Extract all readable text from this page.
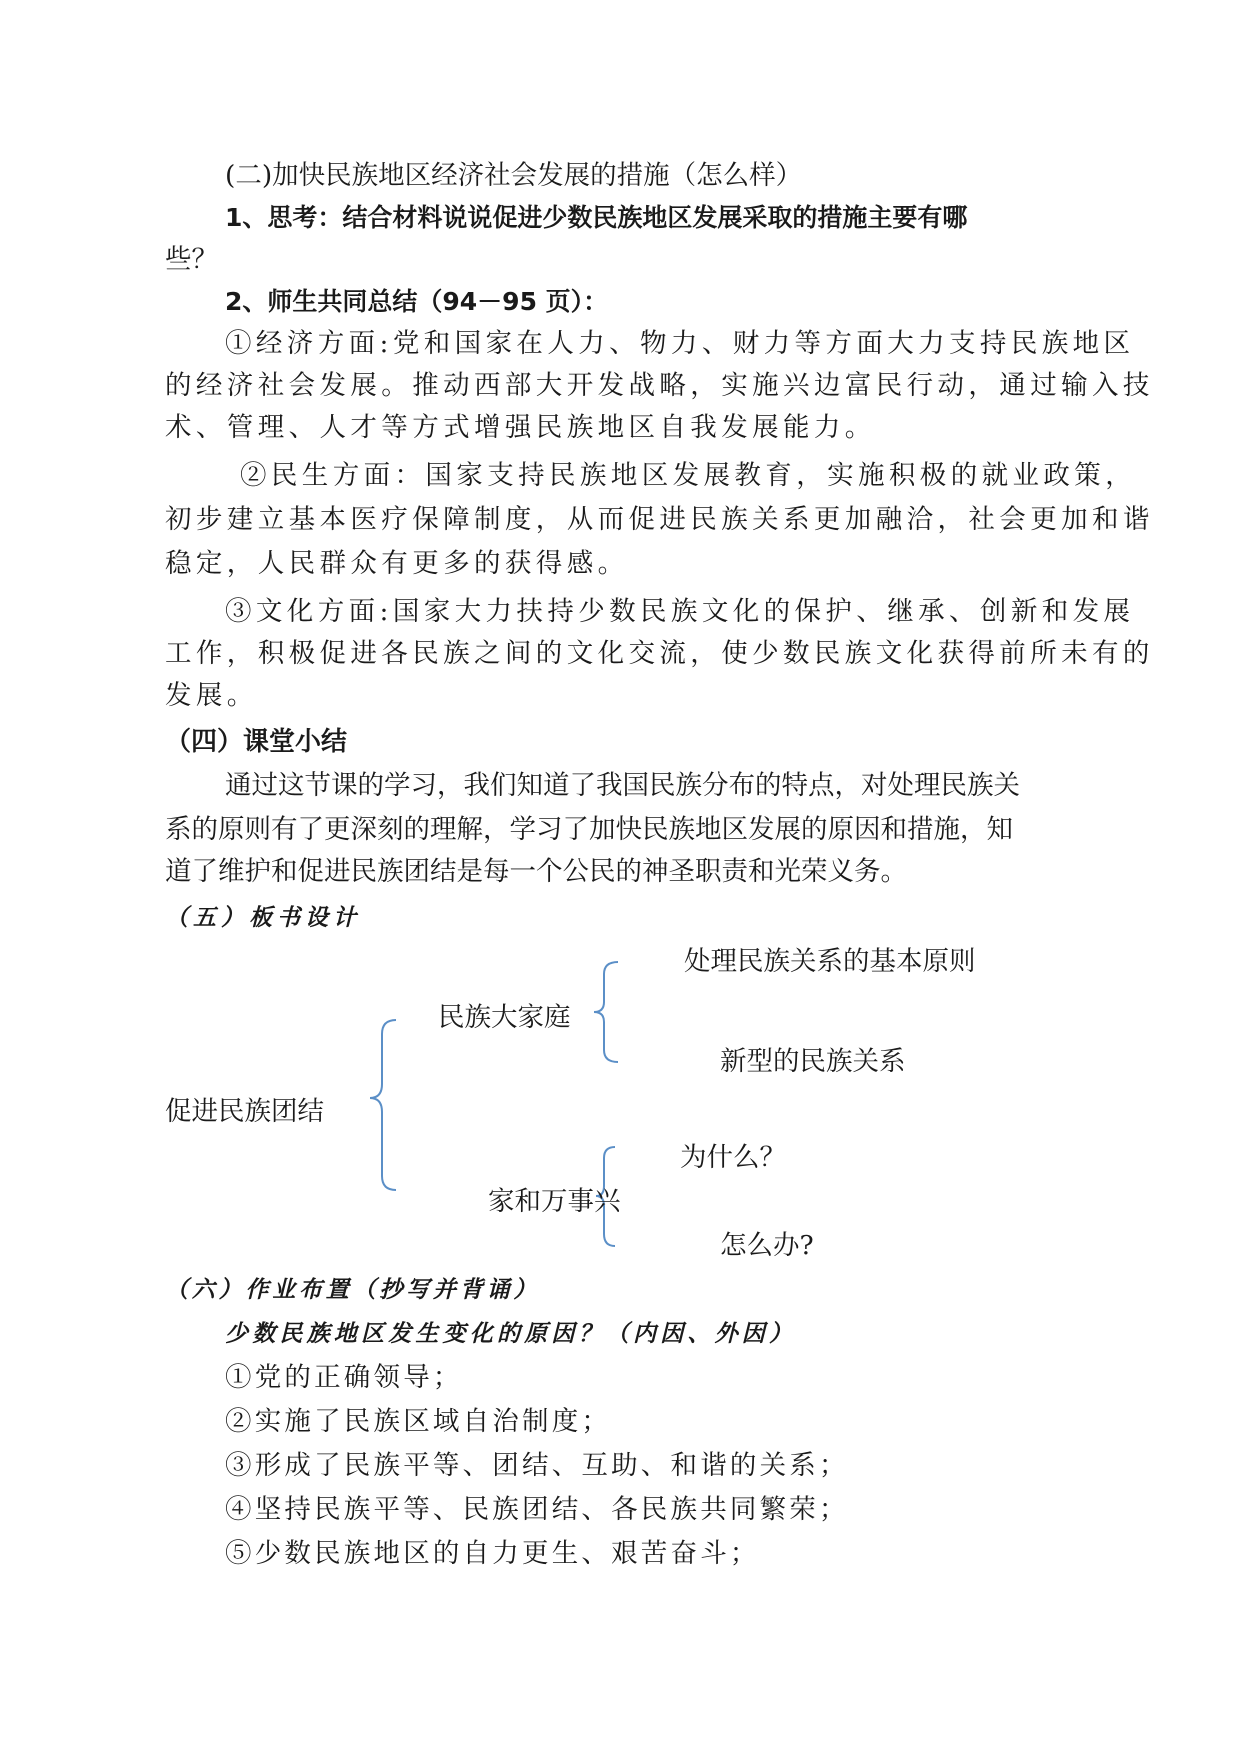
(二)加快民族地区经济社会发展的措施（怎么样）
1、思考：结合材料说说促进少数民族地区发展采取的措施主要有哪
些？
2、师生共同总结（94－95 页）：
①经济方面:党和国家在人力、物力、财力等方面大力支持民族地区
的经济社会发展。推动西部大开发战略，实施兴边富民行动，通过输入技
术、管理、人才等方式增强民族地区自我发展能力。
②民生方面：国家支持民族地区发展教育，实施积极的就业政策，
初步建立基本医疗保障制度，从而促进民族关系更加融洽，社会更加和谐
稳定，人民群众有更多的获得感。
③文化方面:国家大力扶持少数民族文化的保护、继承、创新和发展
工作，积极促进各民族之间的文化交流，使少数民族文化获得前所未有的
发展。
（四）课堂小结
通过这节课的学习，我们知道了我国民族分布的特点，对处理民族关
系的原则有了更深刻的理解，学习了加快民族地区发展的原因和措施，知
道了维护和促进民族团结是每一个公民的神圣职责和光荣义务。
（五）板书设计
促进民族团结
民族大家庭
处理民族关系的基本原则
新型的民族关系
家和万事兴
为什么？
怎么办?
（六）作业布置（抄写并背诵）
少数民族地区发生变化的原因？（内因、外因）
①党的正确领导；
②实施了民族区域自治制度；
③形成了民族平等、团结、互助、和谐的关系；
④坚持民族平等、民族团结、各民族共同繁荣；
⑤少数民族地区的自力更生、艰苦奋斗；
